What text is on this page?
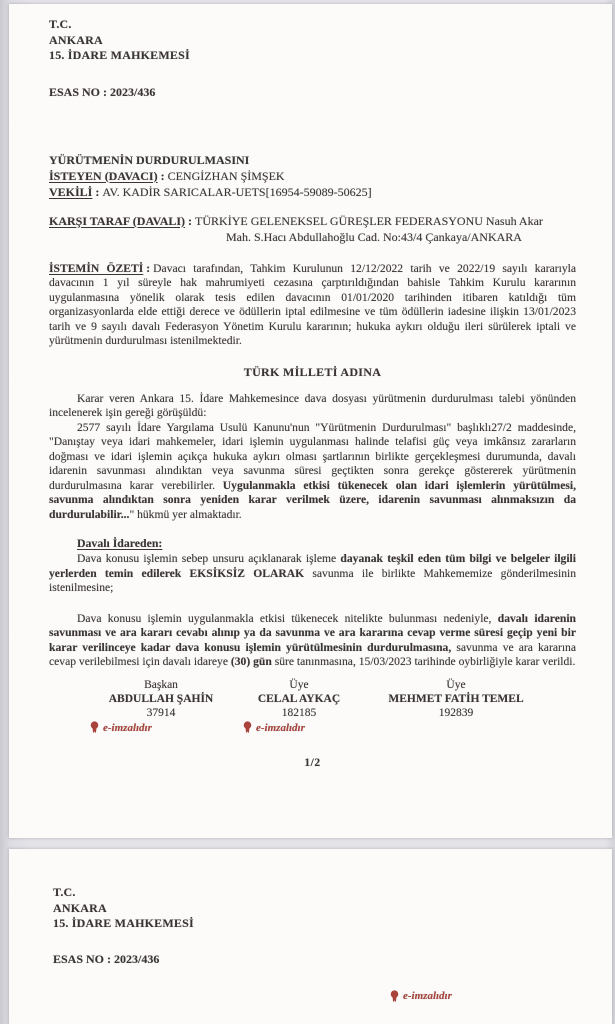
T.C.
ANKARA
15. İDARE MAHKEMESİ
ESAS NO : 2023/436
YÜRÜTMENİN DURDURULMASINI
İSTEYEN (DAVACI) : CENGİZHAN ŞİMŞEK
VEKİLİ : AV. KADİR SARICALAR-UETS[16954-59089-50625]
KARŞI TARAF (DAVALI) : TÜRKİYE GELENEKSEL GÜREŞLER FEDERASYONU Nasuh Akar
Mah. S.Hacı Abdullahoğlu Cad. No:43/4 Çankaya/ANKARA
İSTEMİN ÖZETİ : Davacı tarafından, Tahkim Kurulunun 12/12/2022 tarih ve 2022/19 sayılı kararıyla davacının 1 yıl süreyle hak mahrumiyeti cezasına çarptırıldığından bahisle Tahkim Kurulu kararının uygulanmasına yönelik olarak tesis edilen davacının 01/01/2020 tarihinden itibaren katıldığı tüm organizasyonlarda elde ettiği derece ve ödüllerin iptal edilmesine ve tüm ödüllerin iadesine ilişkin 13/01/2023 tarih ve 9 sayılı davalı Federasyon Yönetim Kurulu kararının; hukuka aykırı olduğu ileri sürülerek iptali ve yürütmenin durdurulması istenilmektedir.
TÜRK MİLLETİ ADINA
Karar veren Ankara 15. İdare Mahkemesince dava dosyası yürütmenin durdurulması talebi yönünden incelenerek işin gereği görüşüldü:
2577 sayılı İdare Yargılama Usulü Kanunu'nun "Yürütmenin Durdurulması" başlıklı27/2 maddesinde, "Danıştay veya idari mahkemeler, idari işlemin uygulanması halinde telafisi güç veya imkânsız zararların doğması ve idari işlemin açıkça hukuka aykırı olması şartlarının birlikte gerçekleşmesi durumunda, davalı idarenin savunması alındıktan veya savunma süresi geçtikten sonra gerekçe göstererek yürütmenin durdurulmasına karar verebilirler. Uygulanmakla etkisi tükenecek olan idari işlemlerin yürütülmesi, savunma alındıktan sonra yeniden karar verilmek üzere, idarenin savunması alınmaksızın da durdurulabilir..." hükmü yer almaktadır.
Davalı İdareden:
Dava konusu işlemin sebep unsuru açıklanarak işleme dayanak teşkil eden tüm bilgi ve belgeler ilgili yerlerden temin edilerek EKSİKSİZ OLARAK savunma ile birlikte Mahkememize gönderilmesinin istenilmesine;
Dava konusu işlemin uygulanmakla etkisi tükenecek nitelikte bulunması nedeniyle, davalı idarenin savunması ve ara kararı cevabı alınıp ya da savunma ve ara kararına cevap verme süresi geçip yeni bir karar verilinceye kadar dava konusu işlemin yürütülmesinin durdurulmasına, savunma ve ara kararına cevap verilebilmesi için davalı idareye (30) gün süre tanınmasına, 15/03/2023 tarihinde oybirliğiyle karar verildi.
Başkan
ABDULLAH ŞAHİN
37914
e-imzalıdır
Üye
CELAL AYKAÇ
182185
e-imzalıdır
Üye
MEHMET FATİH TEMEL
192839
1/2
T.C.
ANKARA
15. İDARE MAHKEMESİ
ESAS NO : 2023/436
e-imzalıdır
